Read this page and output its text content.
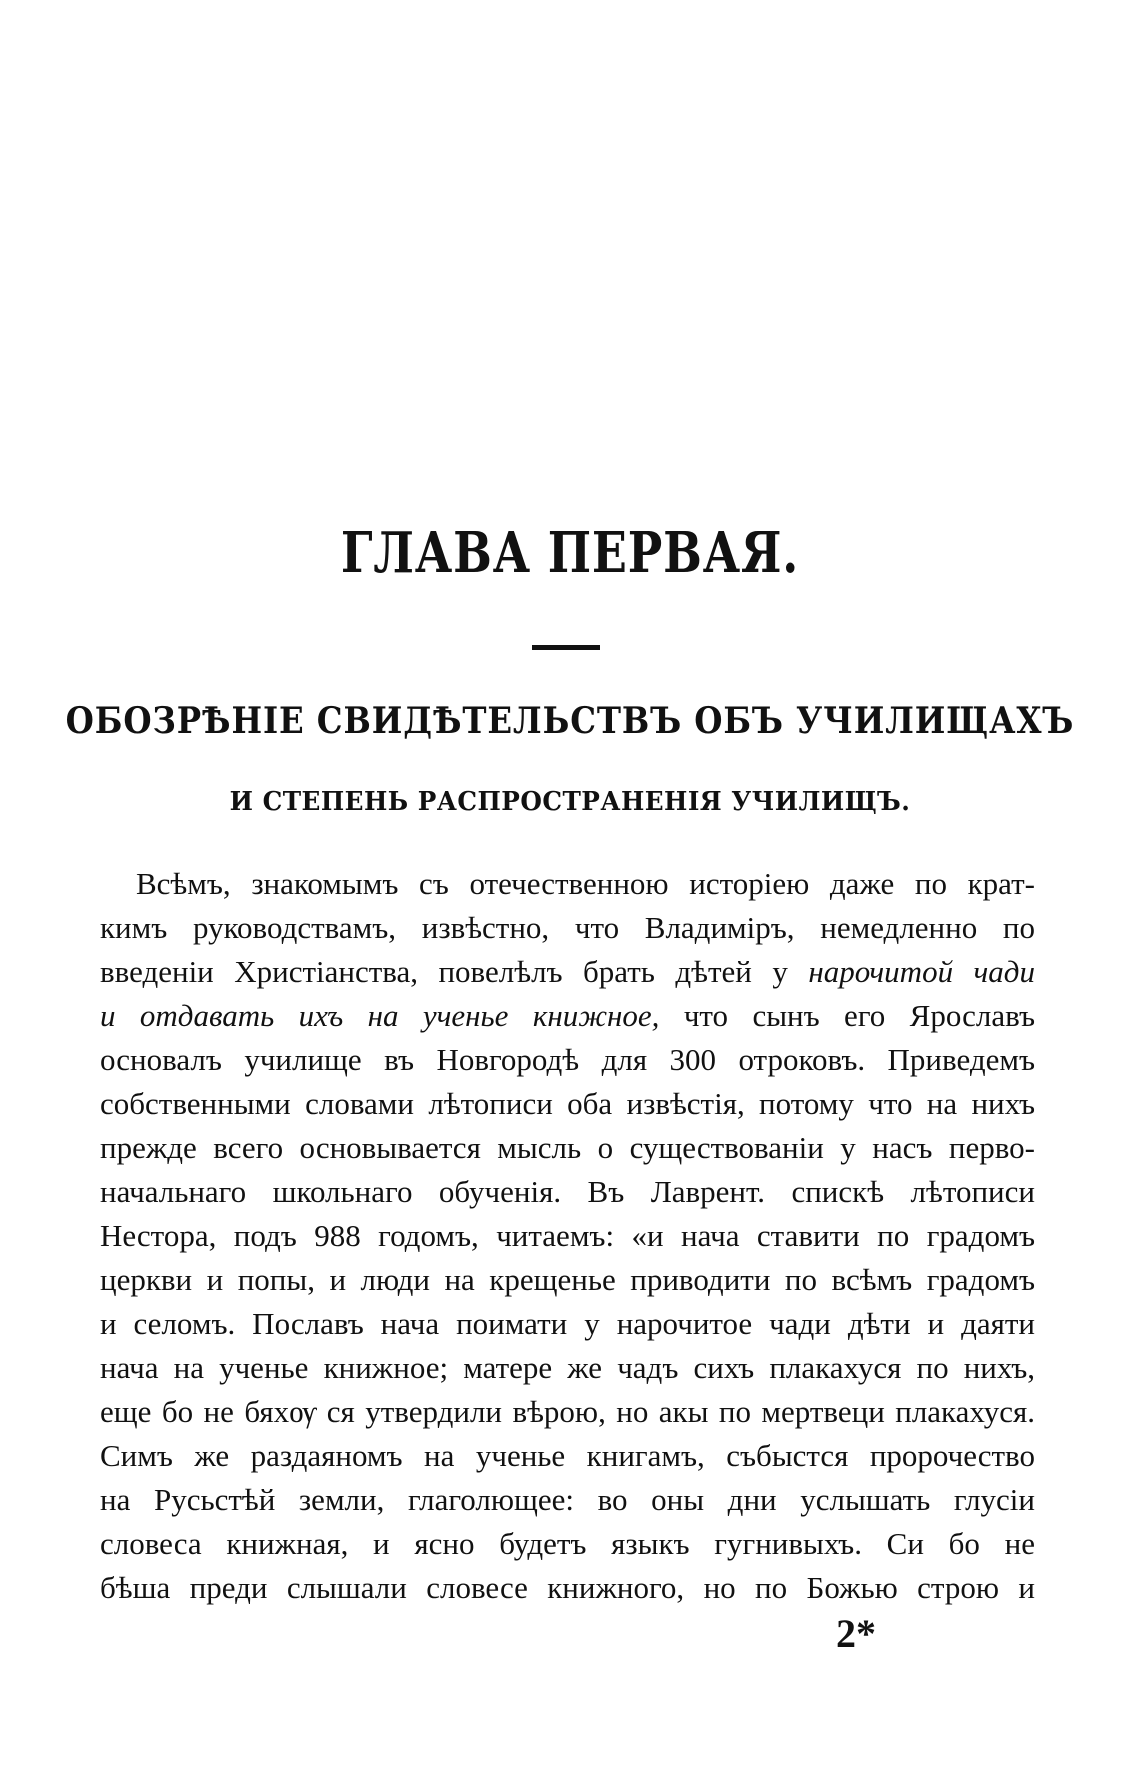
ГЛАВА ПЕРВАЯ.
ОБОЗРѢНІЕ СВИДѢТЕЛЬСТВЪ ОБЪ УЧИЛИЩАХЪ
И СТЕПЕНЬ РАСПРОСТРАНЕНІЯ УЧИЛИЩЪ.
Всѣмъ, знакомымъ съ отечественною исторіею даже по крат-
кимъ руководствамъ, извѣстно, что Владиміръ, немедленно по
введеніи Христіанства, повелѣлъ брать дѣтей у нарочитой чади
и отдавать ихъ на ученье книжное, что сынъ его Ярославъ
основалъ училище въ Новгородѣ для 300 отроковъ. Приведемъ
собственными словами лѣтописи оба извѣстія, потому что на нихъ
прежде всего основывается мысль о существованіи у насъ перво-
начальнаго школьнаго обученія. Въ Лаврент. спискѣ лѣтописи
Нестора, подъ 988 годомъ, читаемъ: «и нача ставити по градомъ
церкви и попы, и люди на крещенье приводити по всѣмъ градомъ
и селомъ. Пославъ нача поимати у нарочитое чади дѣти и даяти
нача на ученье книжное; матере же чадъ сихъ плакахуся по нихъ,
еще бо не бяхѹ ся утвердили вѣрою, но акы по мертвеци плакахуся.
Симъ же раздаяномъ на ученье книгамъ, събыстся пророчество
на Русьстѣй земли, глаголющее: во оны дни услышать глусіи
словеса книжная, и ясно будетъ языкъ гугнивыхъ. Си бо не
бѣша преди слышали словесе книжного, но по Божью строю и
2*
